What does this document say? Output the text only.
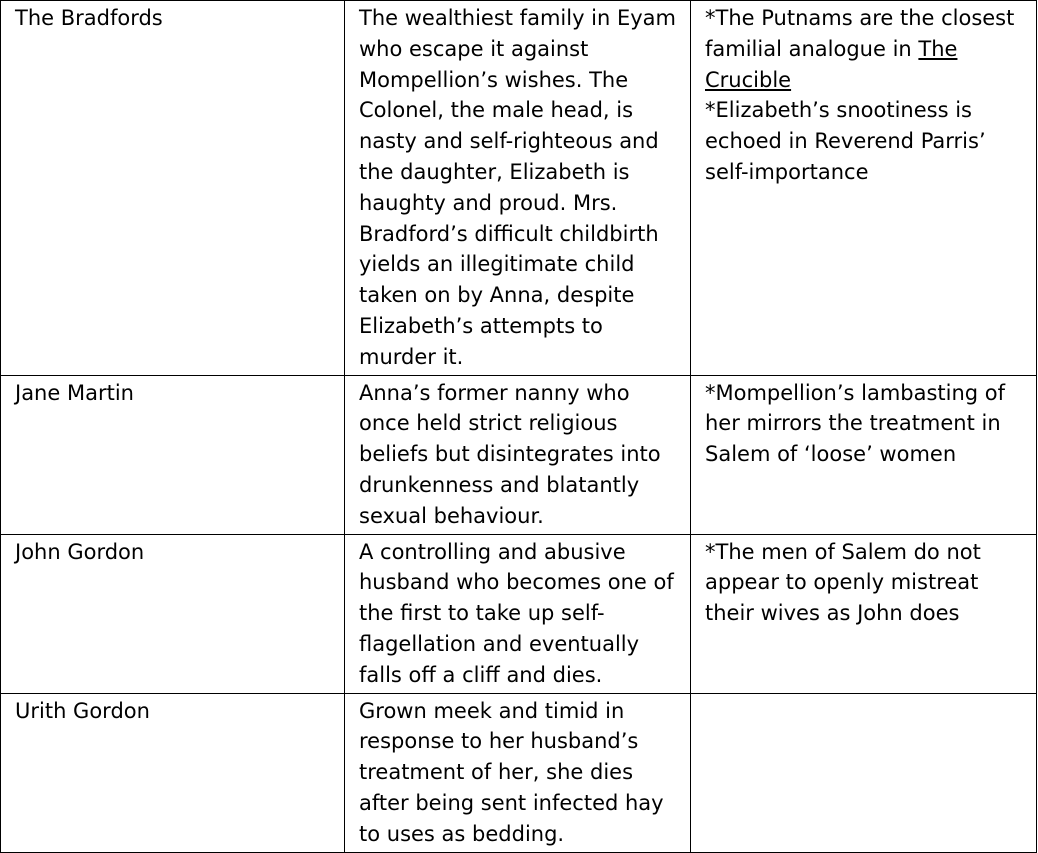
The Bradfords	The wealthiest family in Eyam who escape it against Mompellion’s wishes. The Colonel, the male head, is nasty and self-righteous and the daughter, Elizabeth is haughty and proud. Mrs. Bradford’s difficult childbirth yields an illegitimate child taken on by Anna, despite Elizabeth’s attempts to murder it.	*The Putnams are the closest familial analogue in The Crucible
*Elizabeth’s snootiness is echoed in Reverend Parris’ self-importance

Jane Martin	Anna’s former nanny who once held strict religious beliefs but disintegrates into drunkenness and blatantly sexual behaviour.	*Mompellion’s lambasting of her mirrors the treatment in Salem of ‘loose’ women
John Gordon	A controlling and abusive husband who becomes one of the first to take up self-flagellation and eventually falls off a cliff and dies.	*The men of Salem do not appear to openly mistreat their wives as John does
Urith Gordon	Grown meek and timid in response to her husband’s treatment of her, she dies after being sent infected hay to uses as bedding.	
